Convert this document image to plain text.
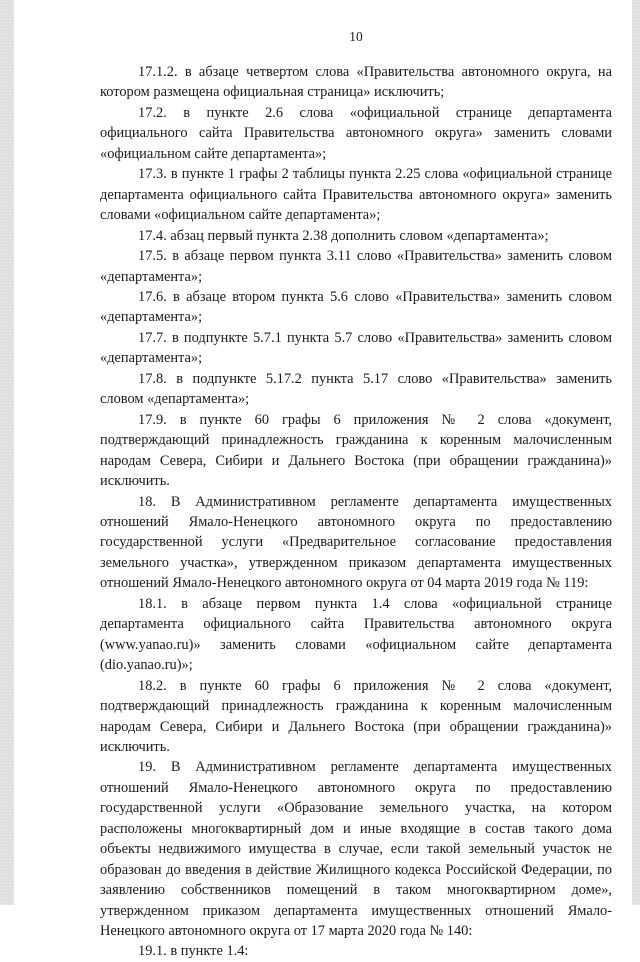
10

17.1.2. в абзаце четвертом слова «Правительства автономного округа, на котором размещена официальная страница» исключить;

17.2. в пункте 2.6 слова «официальной странице департамента официального сайта Правительства автономного округа» заменить словами «официальном сайте департамента»;

17.3. в пункте 1 графы 2 таблицы пункта 2.25 слова «официальной странице департамента официального сайта Правительства автономного округа» заменить словами «официальном сайте департамента»;

17.4. абзац первый пункта 2.38 дополнить словом «департамента»;

17.5. в абзаце первом пункта 3.11 слово «Правительства» заменить словом «департамента»;

17.6. в абзаце втором пункта 5.6 слово «Правительства» заменить словом «департамента»;

17.7. в подпункте 5.7.1 пункта 5.7 слово «Правительства» заменить словом «департамента»;

17.8. в подпункте 5.17.2 пункта 5.17 слово «Правительства» заменить словом «департамента»;

17.9. в пункте 60 графы 6 приложения № 2 слова «документ, подтверждающий принадлежность гражданина к коренным малочисленным народам Севера, Сибири и Дальнего Востока (при обращении гражданина)» исключить.

18. В Административном регламенте департамента имущественных отношений Ямало-Ненецкого автономного округа по предоставлению государственной услуги «Предварительное согласование предоставления земельного участка», утвержденном приказом департамента имущественных отношений Ямало-Ненецкого автономного округа от 04 марта 2019 года № 119:

18.1. в абзаце первом пункта 1.4 слова «официальной странице департамента официального сайта Правительства автономного округа (www.yanao.ru)» заменить словами «официальном сайте департамента (dio.yanao.ru)»;

18.2. в пункте 60 графы 6 приложения № 2 слова «документ, подтверждающий принадлежность гражданина к коренным малочисленным народам Севера, Сибири и Дальнего Востока (при обращении гражданина)» исключить.

19. В Административном регламенте департамента имущественных отношений Ямало-Ненецкого автономного округа по предоставлению государственной услуги «Образование земельного участка, на котором расположены многоквартирный дом и иные входящие в состав такого дома объекты недвижимого имущества в случае, если такой земельный участок не образован до введения в действие Жилищного кодекса Российской Федерации, по заявлению собственников помещений в таком многоквартирном доме», утвержденном приказом департамента имущественных отношений Ямало-Ненецкого автономного округа от 17 марта 2020 года № 140:

19.1. в пункте 1.4:
